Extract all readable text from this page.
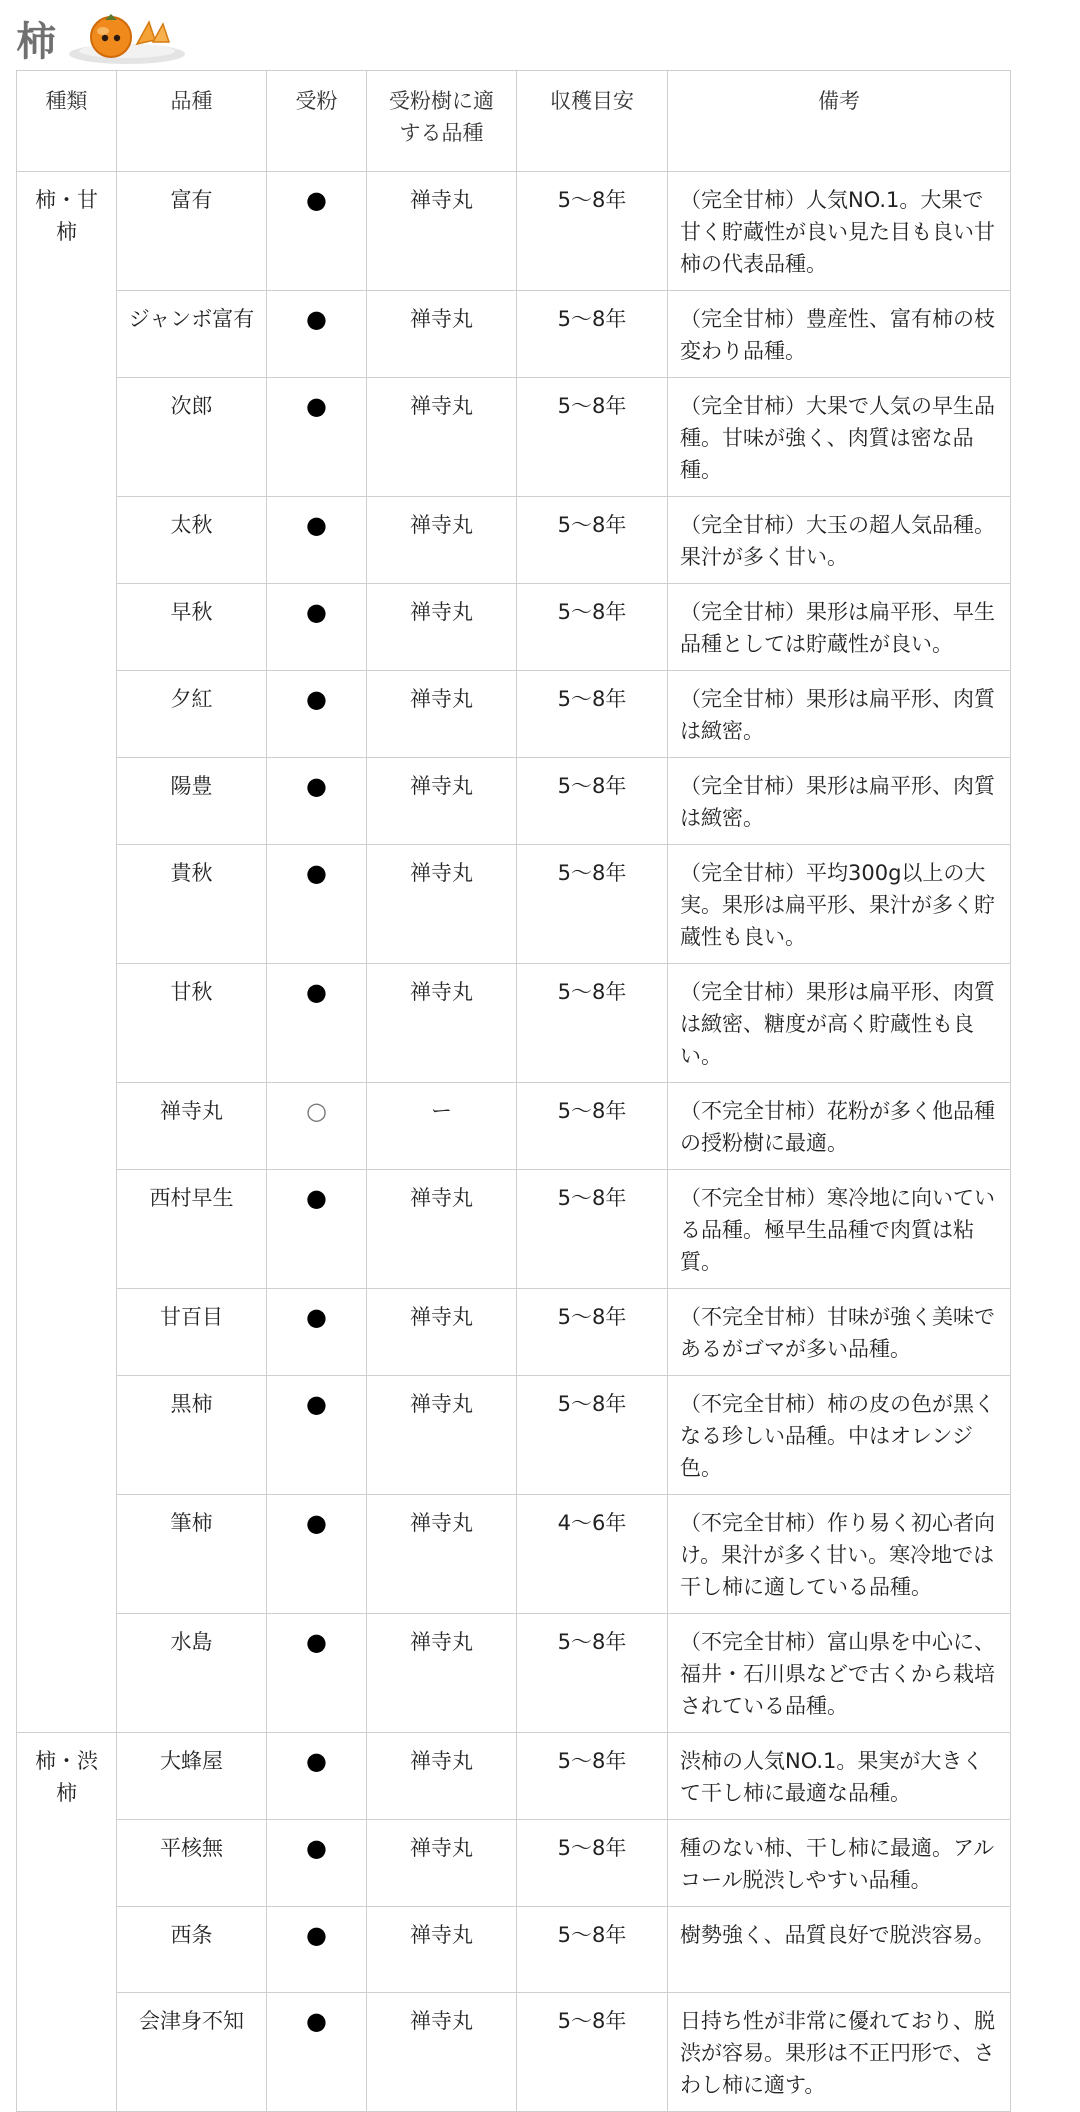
柿
種類	品種	受粉	受粉樹に適する品種	収穫目安	備考
柿・甘柿	富有	●	禅寺丸	5〜8年	（完全甘柿）人気NO.1。大果で甘く貯蔵性が良い見た目も良い甘柿の代表品種。
	ジャンボ富有	●	禅寺丸	5〜8年	（完全甘柿）豊産性、富有柿の枝変わり品種。
	次郎	●	禅寺丸	5〜8年	（完全甘柿）大果で人気の早生品種。甘味が強く、肉質は密な品種。
	太秋	●	禅寺丸	5〜8年	（完全甘柿）大玉の超人気品種。果汁が多く甘い。
	早秋	●	禅寺丸	5〜8年	（完全甘柿）果形は扁平形、早生品種としては貯蔵性が良い。
	夕紅	●	禅寺丸	5〜8年	（完全甘柿）果形は扁平形、肉質は緻密。
	陽豊	●	禅寺丸	5〜8年	（完全甘柿）果形は扁平形、肉質は緻密。
	貴秋	●	禅寺丸	5〜8年	（完全甘柿）平均300g以上の大実。果形は扁平形、果汁が多く貯蔵性も良い。
	甘秋	●	禅寺丸	5〜8年	（完全甘柿）果形は扁平形、肉質は緻密、糖度が高く貯蔵性も良い。
	禅寺丸	○	ー	5〜8年	（不完全甘柿）花粉が多く他品種の授粉樹に最適。
	西村早生	●	禅寺丸	5〜8年	（不完全甘柿）寒冷地に向いている品種。極早生品種で肉質は粘質。
	甘百目	●	禅寺丸	5〜8年	（不完全甘柿）甘味が強く美味であるがゴマが多い品種。
	黒柿	●	禅寺丸	5〜8年	（不完全甘柿）柿の皮の色が黒くなる珍しい品種。中はオレンジ色。
	筆柿	●	禅寺丸	4〜6年	（不完全甘柿）作り易く初心者向け。果汁が多く甘い。寒冷地では干し柿に適している品種。
	水島	●	禅寺丸	5〜8年	（不完全甘柿）富山県を中心に、福井・石川県などで古くから栽培されている品種。
柿・渋柿	大蜂屋	●	禅寺丸	5〜8年	渋柿の人気NO.1。果実が大きくて干し柿に最適な品種。
	平核無	●	禅寺丸	5〜8年	種のない柿、干し柿に最適。アルコール脱渋しやすい品種。
	西条	●	禅寺丸	5〜8年	樹勢強く、品質良好で脱渋容易。
	会津身不知	●	禅寺丸	5〜8年	日持ち性が非常に優れており、脱渋が容易。果形は不正円形で、さわし柿に適す。
